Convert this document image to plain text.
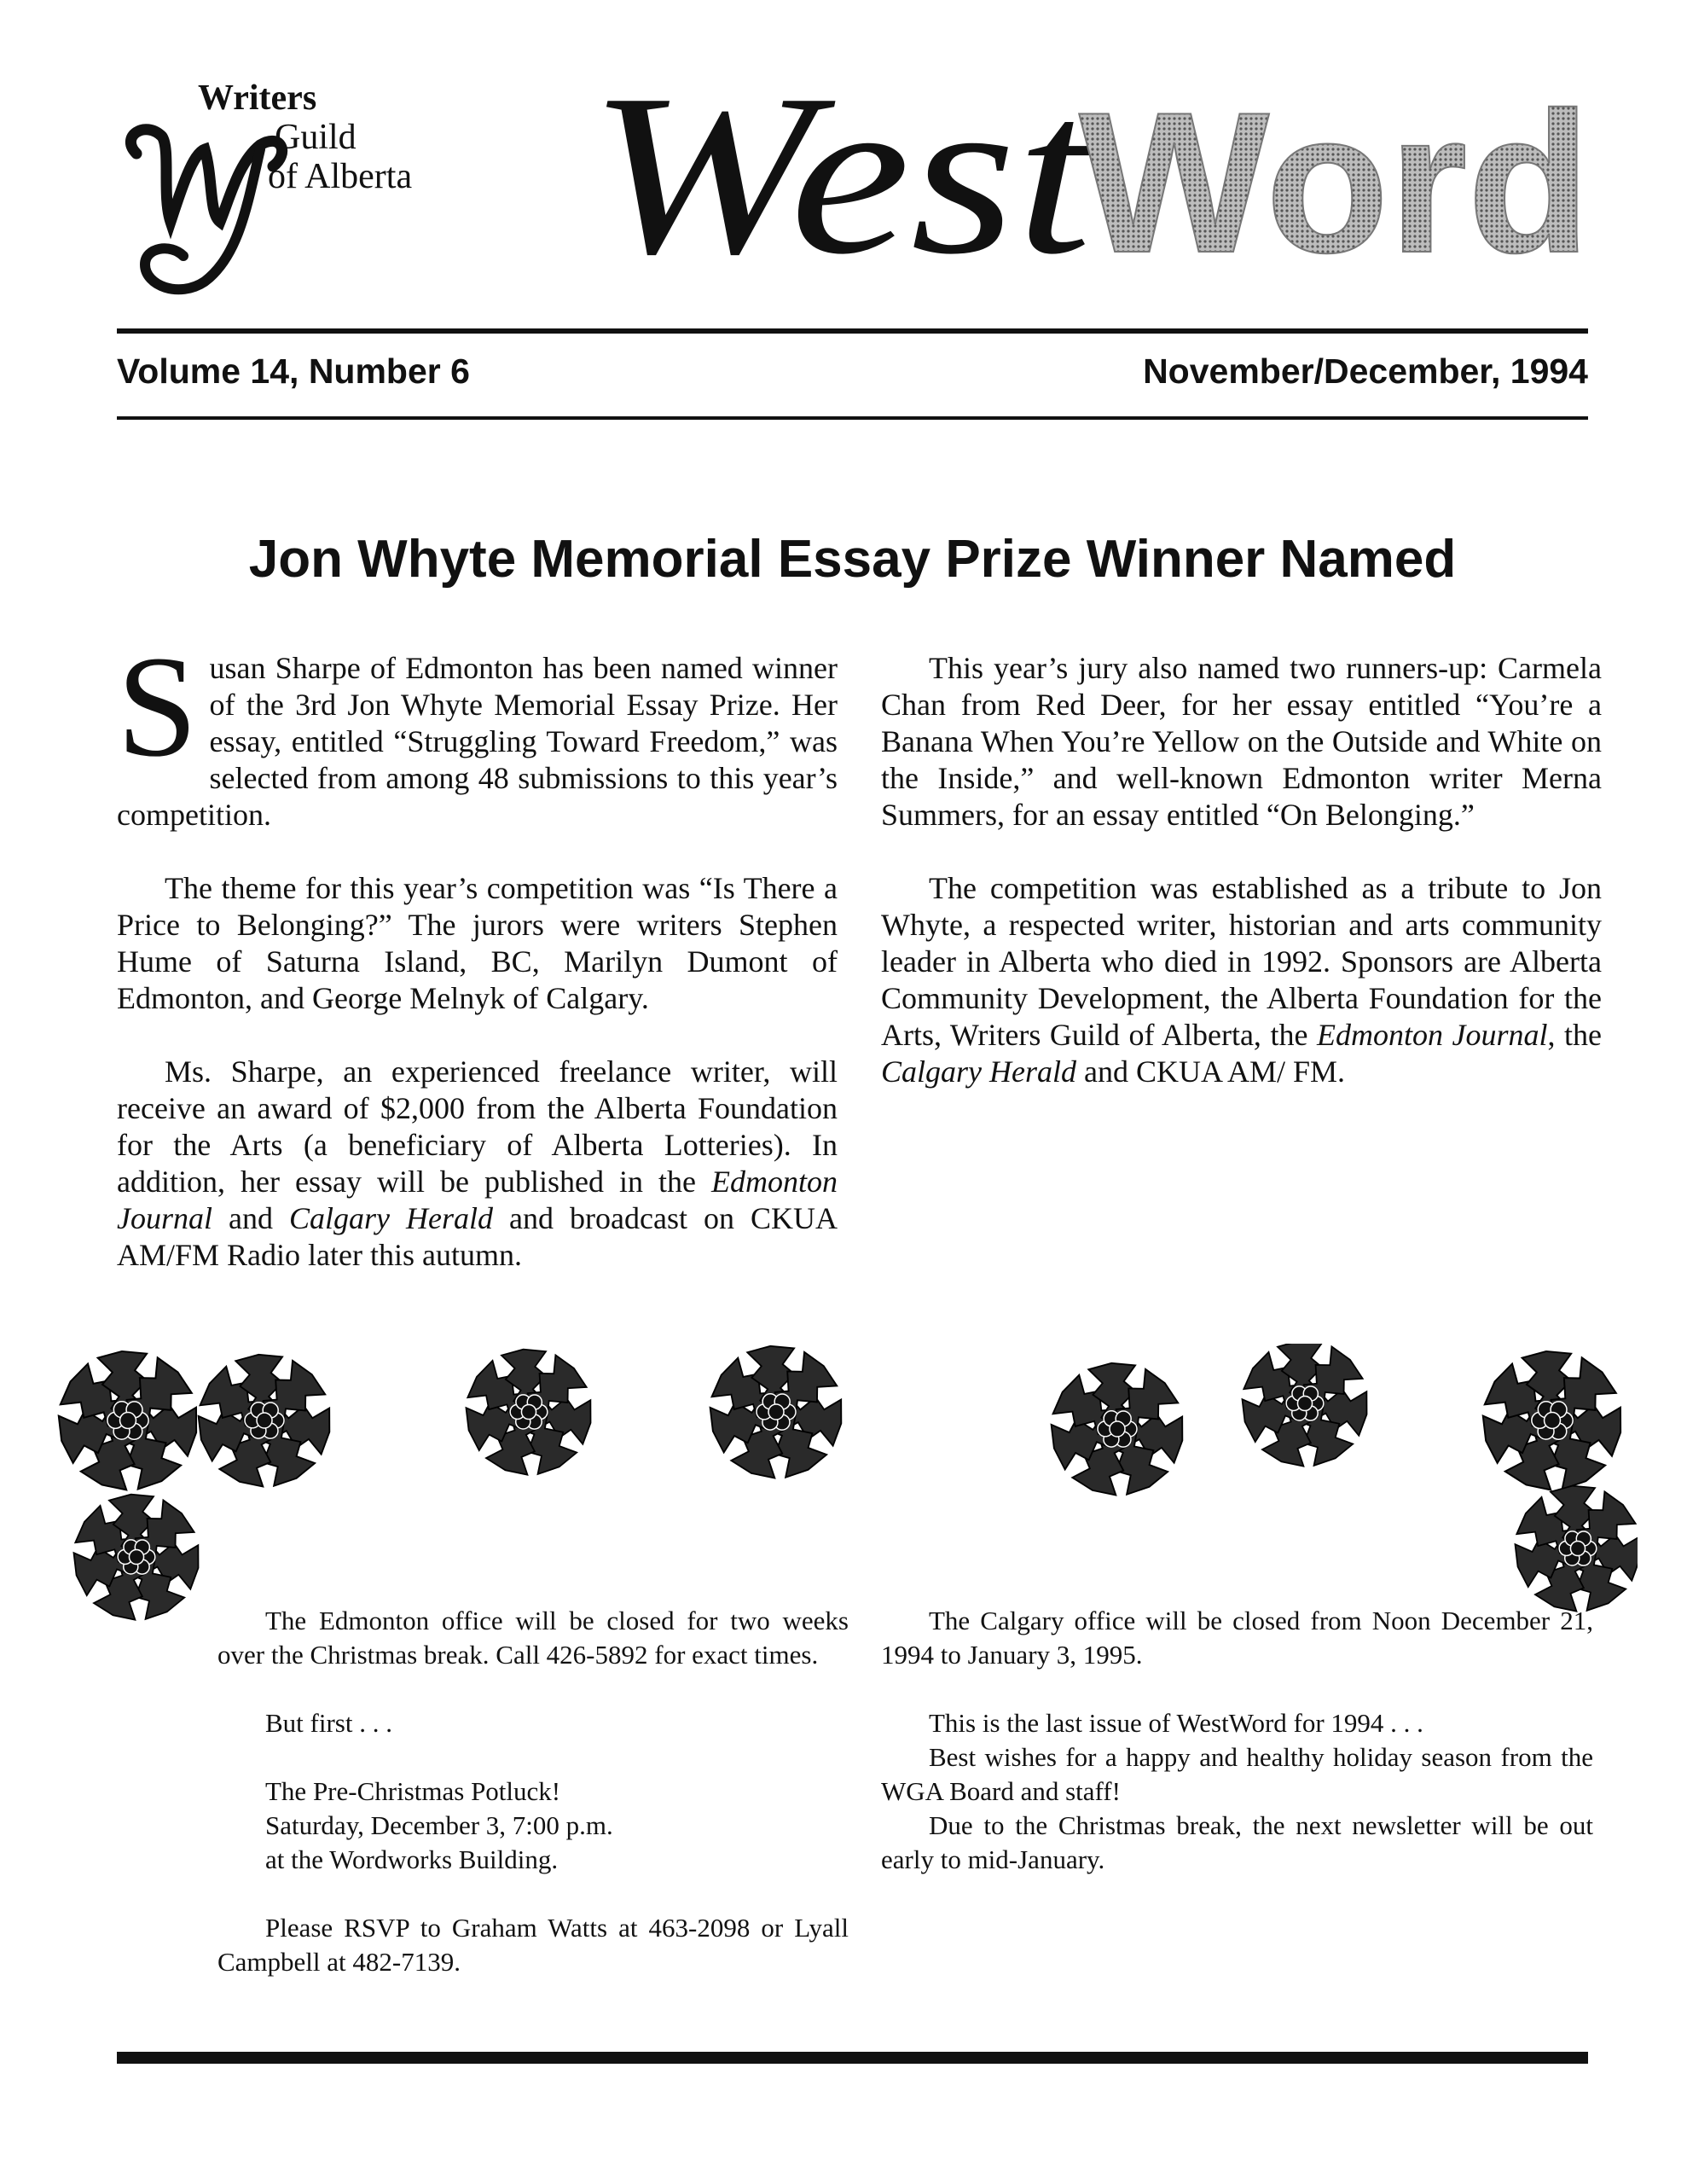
Writers
Guild
of Alberta West
Word
Volume 14, Number 6	November/December, 1994
Jon Whyte Memorial Essay Prize Winner Named

Susan Sharpe of Edmonton has been named winner of the 3rd Jon Whyte Memorial Essay Prize. Her essay, entitled “Struggling Toward Freedom,” was selected from among 48 submissions to this year’s competition.

The theme for this year’s competition was “Is There a Price to Belonging?” The jurors were writers Stephen Hume of Saturna Island, BC, Marilyn Dumont of Edmonton, and George Melnyk of Calgary.

Ms. Sharpe, an experienced freelance writer, will receive an award of $2,000 from the Alberta Foundation for the Arts (a beneficiary of Alberta Lotteries). In addition, her essay will be published in the Edmonton Journal and Calgary Herald and broadcast on CKUA AM/FM Radio later this autumn.

This year’s jury also named two runners-up: Carmela Chan from Red Deer, for her essay entitled “You’re a Banana When You’re Yellow on the Outside and White on the Inside,” and well-known Edmonton writer Merna Summers, for an essay entitled “On Belonging.”

The competition was established as a tribute to Jon Whyte, a respected writer, historian and arts community leader in Alberta who died in 1992. Sponsors are Alberta Community Development, the Alberta Foundation for the Arts, Writers Guild of Alberta, the Edmonton Journal, the Calgary Herald and CKUA AM/ FM.

The Edmonton office will be closed for two weeks over the Christmas break. Call 426-5892 for exact times.

But first . . .

The Pre-Christmas Potluck!
Saturday, December 3, 7:00 p.m.
at the Wordworks Building.

Please RSVP to Graham Watts at 463-2098 or Lyall Campbell at 482-7139.

The Calgary office will be closed from Noon December 21, 1994 to January 3, 1995.

This is the last issue of WestWord for 1994 . . .

Best wishes for a happy and healthy holiday season from the WGA Board and staff!

Due to the Christmas break, the next newsletter will be out early to mid-January.
